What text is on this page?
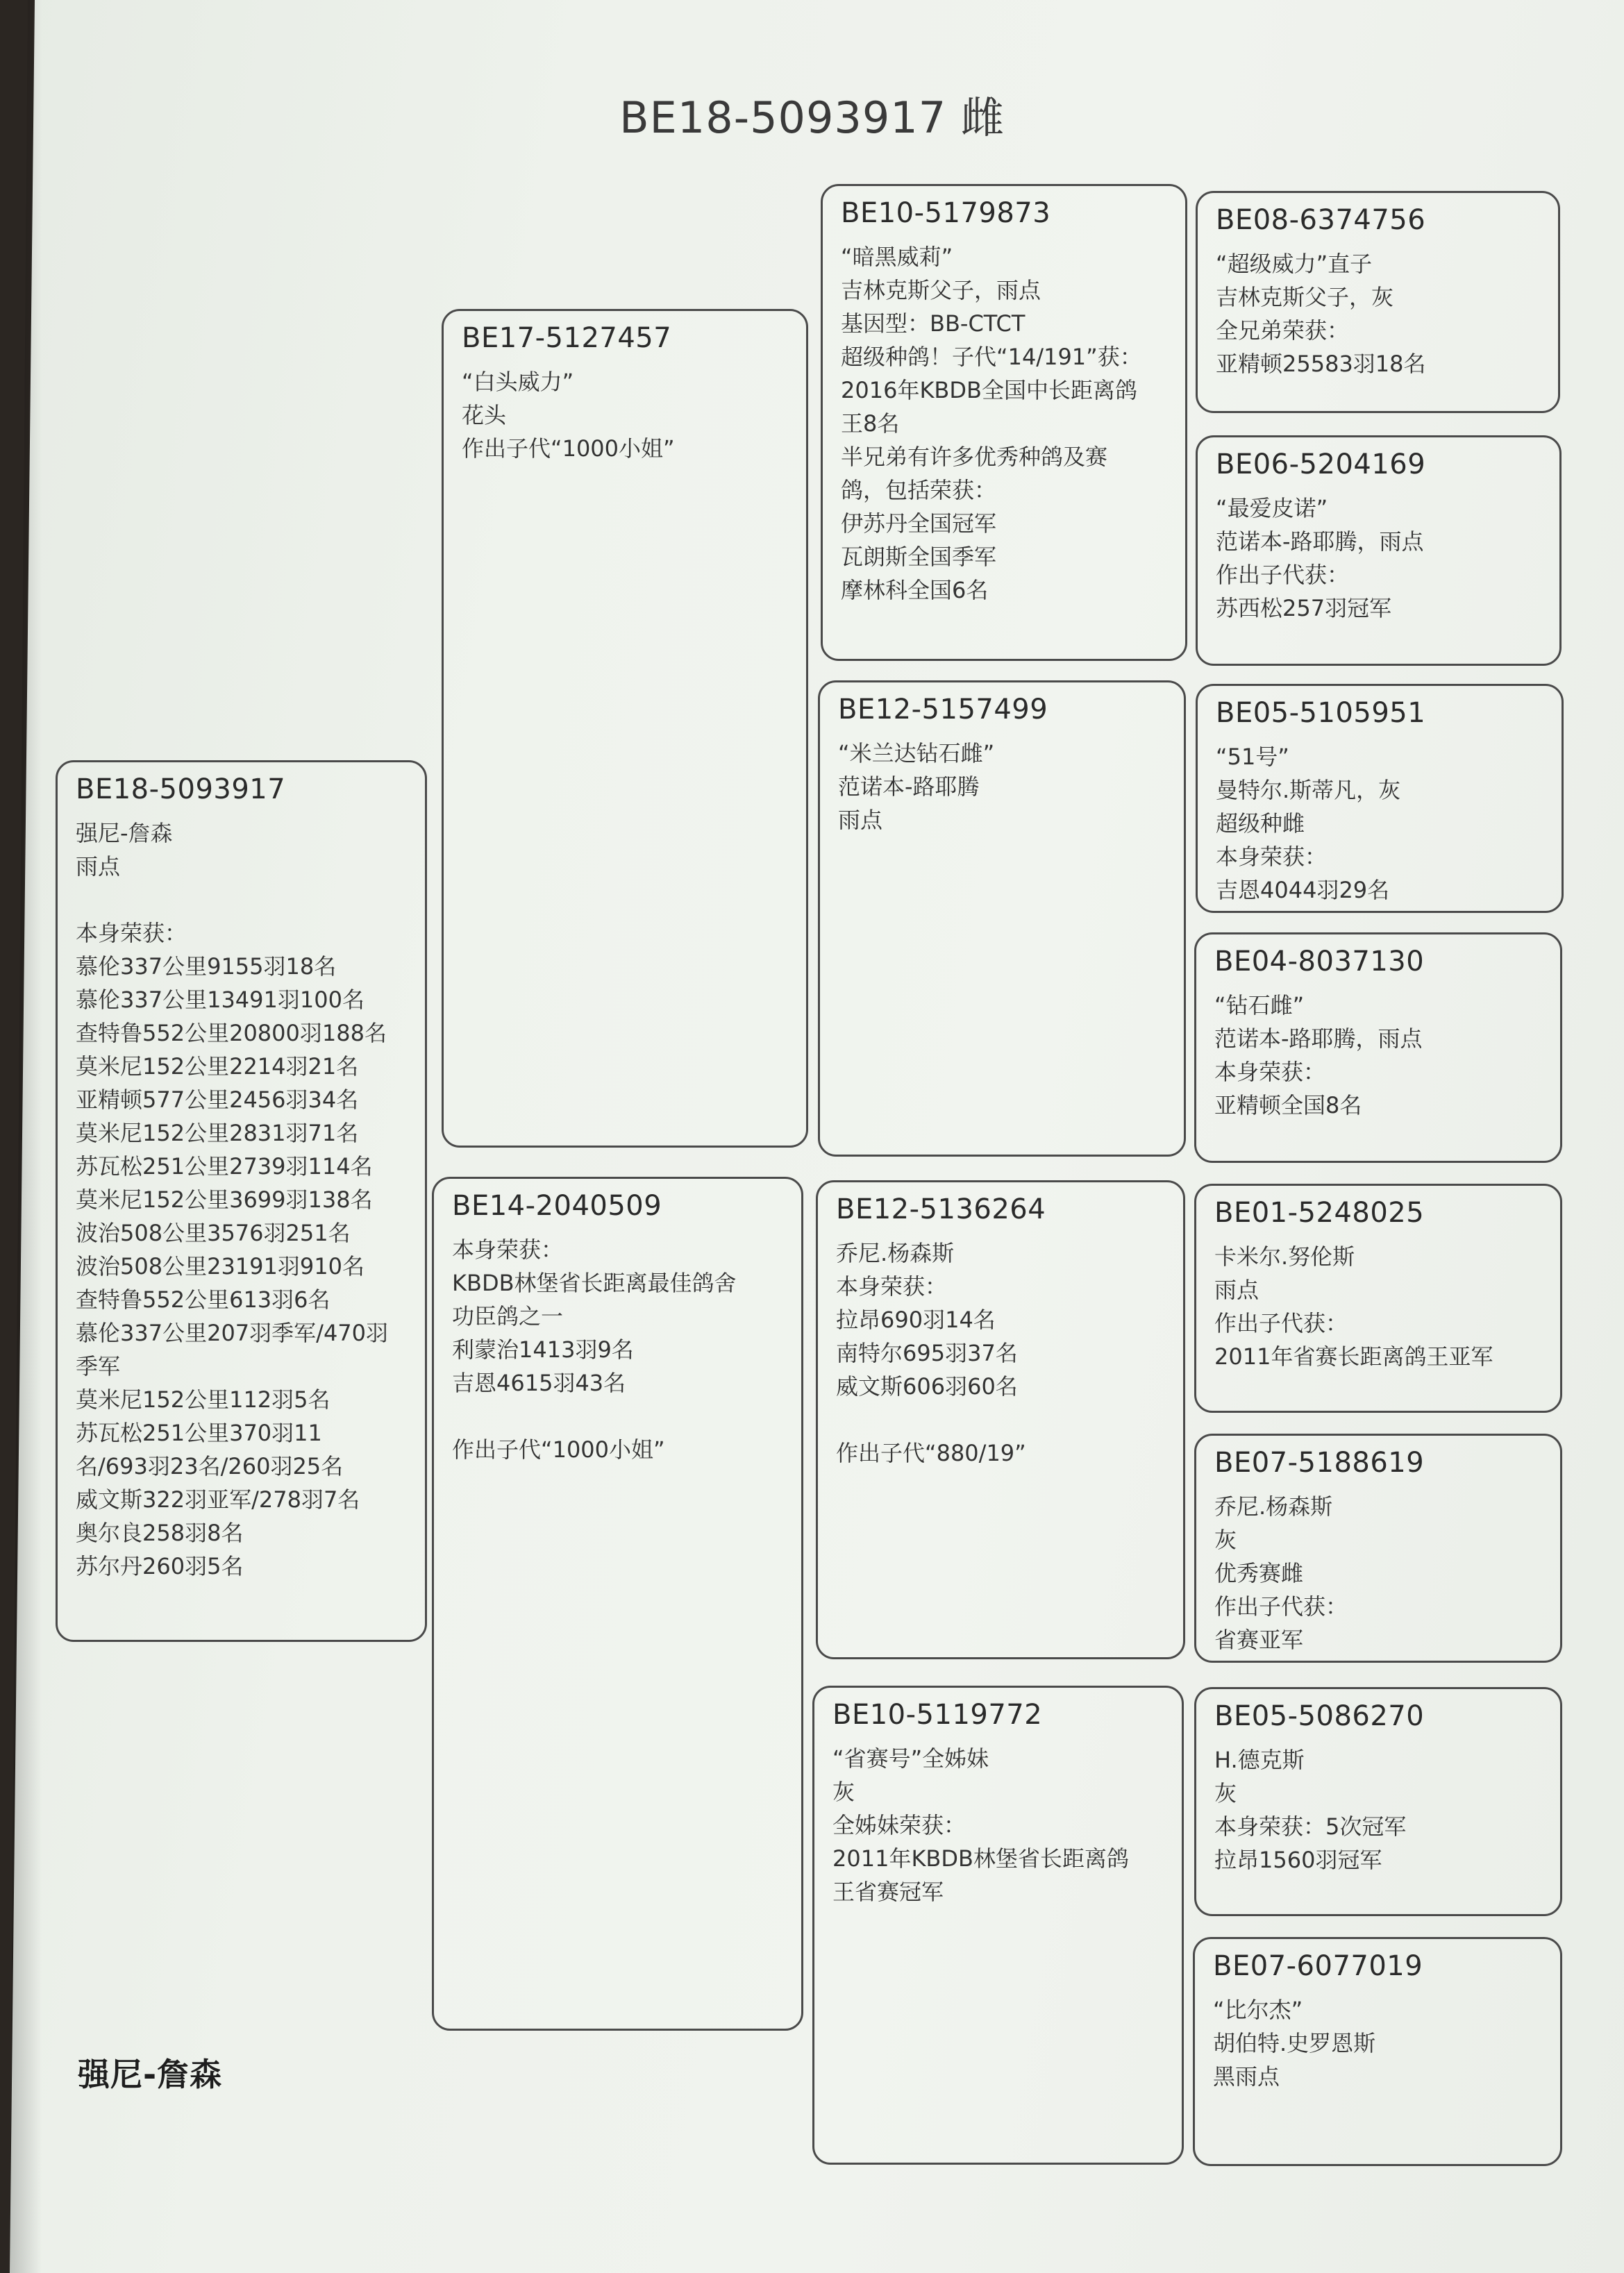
BE18-5093917 雌
BE18-5093917
强尼-詹森
雨点

本身荣获：
慕伦337公里9155羽18名
慕伦337公里13491羽100名
查特鲁552公里20800羽188名
莫米尼152公里2214羽21名
亚精顿577公里2456羽34名
莫米尼152公里2831羽71名
苏瓦松251公里2739羽114名
莫米尼152公里3699羽138名
波治508公里3576羽251名
波治508公里23191羽910名
查特鲁552公里613羽6名
慕伦337公里207羽季军/470羽
季军
莫米尼152公里112羽5名
苏瓦松251公里370羽11
名/693羽23名/260羽25名
威文斯322羽亚军/278羽7名
奥尔良258羽8名
苏尔丹260羽5名
BE17-5127457
“白头威力”
花头
作出子代“1000小姐”
BE14-2040509
本身荣获：
KBDB林堡省长距离最佳鸽舍
功臣鸽之一
利蒙治1413羽9名
吉恩4615羽43名

作出子代“1000小姐”
BE10-5179873
“暗黑威莉”
吉林克斯父子，雨点
基因型：BB-CTCT
超级种鸽！子代“14/191”获：
2016年KBDB全国中长距离鸽
王8名
半兄弟有许多优秀种鸽及赛
鸽，包括荣获：
伊苏丹全国冠军
瓦朗斯全国季军
摩林科全国6名
BE12-5157499
“米兰达钻石雌”
范诺本-路耶腾
雨点
BE12-5136264
乔尼.杨森斯
本身荣获：
拉昂690羽14名
南特尔695羽37名
威文斯606羽60名

作出子代“880/19”
BE10-5119772
“省赛号”全姊妹
灰
全姊妹荣获：
2011年KBDB林堡省长距离鸽
王省赛冠军
BE08-6374756
“超级威力”直子
吉林克斯父子，灰
全兄弟荣获：
亚精顿25583羽18名
BE06-5204169
“最爱皮诺”
范诺本-路耶腾，雨点
作出子代获：
苏西松257羽冠军
BE05-5105951
“51号”
曼特尔.斯蒂凡，灰
超级种雌
本身荣获：
吉恩4044羽29名
BE04-8037130
“钻石雌”
范诺本-路耶腾，雨点
本身荣获：
亚精顿全国8名
BE01-5248025
卡米尔.努伦斯
雨点
作出子代获：
2011年省赛长距离鸽王亚军
BE07-5188619
乔尼.杨森斯
灰
优秀赛雌
作出子代获：
省赛亚军
BE05-5086270
H.德克斯
灰
本身荣获：5次冠军
拉昂1560羽冠军
BE07-6077019
“比尔杰”
胡伯特.史罗恩斯
黑雨点
强尼-詹森
